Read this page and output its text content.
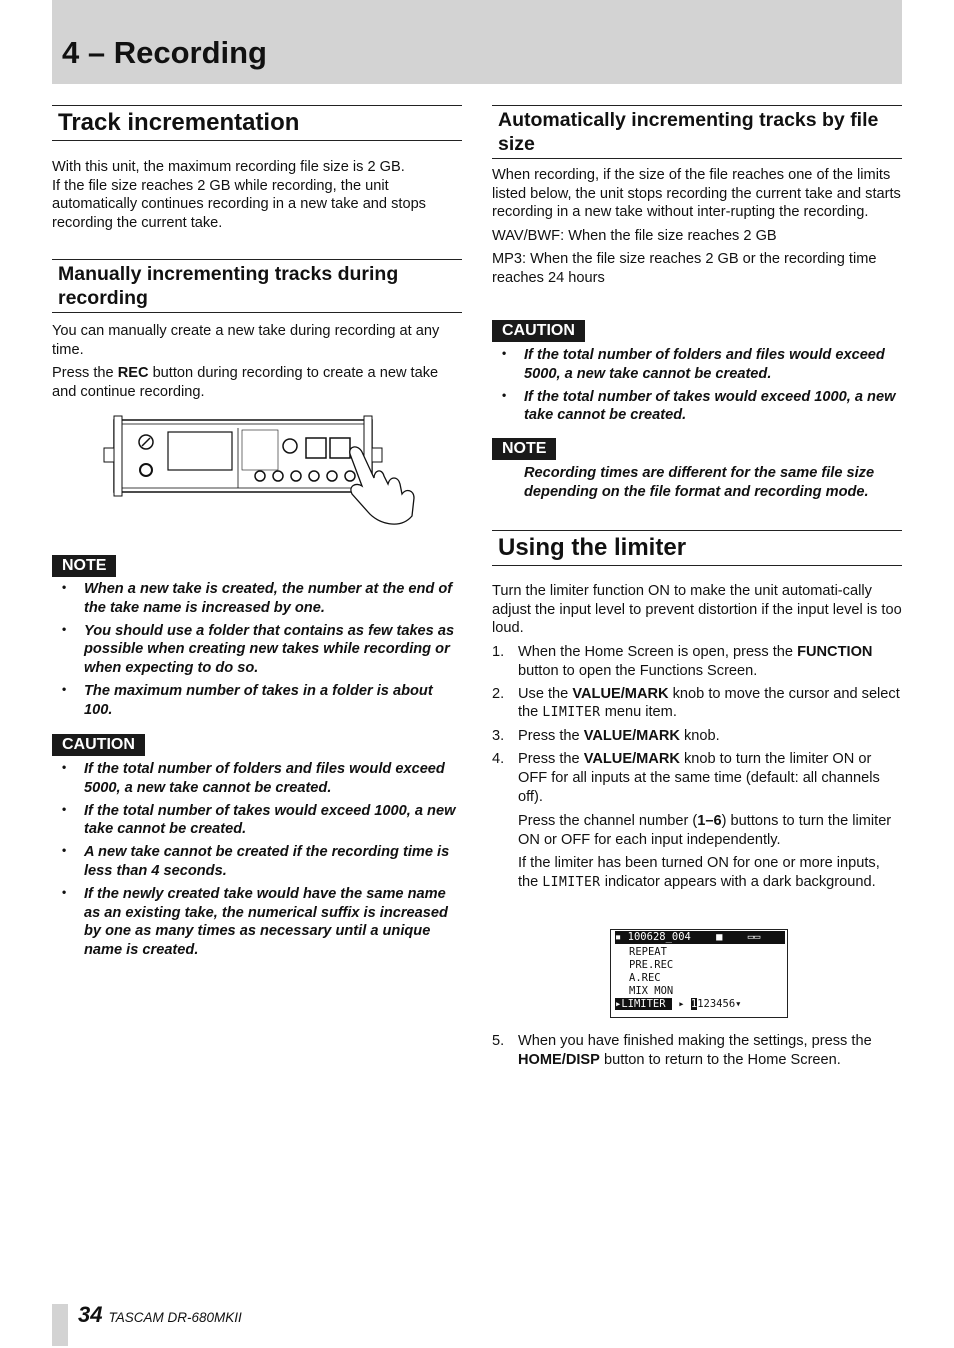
4 – Recording
Track incrementation

With this unit, the maximum recording file size is 2 GB.

If the file size reaches 2 GB while recording, the unit automatically continues recording in a new take and stops recording the current take.

Manually incrementing tracks during recording

You can manually create a new take during recording at any time.

Press the REC button during recording to create a new take and continue recording.

NOTE
• When a new take is created, the number at the end of the take name is increased by one.
• You should use a folder that contains as few takes as possible when creating new takes while recording or when expecting to do so.
• The maximum number of takes in a folder is about 100.
CAUTION
• If the total number of folders and files would exceed 5000, a new take cannot be created.
• If the total number of takes would exceed 1000, a new take cannot be created.
• A new take cannot be created if the recording time is less than 4 seconds.
• If the newly created take would have the same name as an existing take, the numerical suffix is increased by one as many times as necessary until a unique name is created.
Automatically incrementing tracks by file size

When recording, if the size of the file reaches one of the limits listed below, the unit stops recording the current take and starts recording in a new take without inter-rupting the recording.

WAV/BWF: When the file size reaches 2 GB

MP3: When the file size reaches 2 GB or the recording time reaches 24 hours

CAUTION
• If the total number of folders and files would exceed 5000, a new take cannot be created.
• If the total number of takes would exceed 1000, a new take cannot be created.
NOTE
Recording times are different for the same file size depending on the file format and recording mode.
Using the limiter

Turn the limiter function ON to make the unit automati-cally adjust the input level to prevent distortion if the input level is too loud.

1. When the Home Screen is open, press the FUNCTION button to open the Functions Screen.
2. Use the VALUE/MARK knob to move the cursor and select the LIMITER menu item.
3. Press the VALUE/MARK knob.
4. Press the VALUE/MARK knob to turn the limiter ON or OFF for all inputs at the same time (default: all channels off).

Press the channel number (1–6) buttons to turn the limiter ON or OFF for each input independently.

If the limiter has been turned ON for one or more inputs, the LIMITER indicator appears with a dark background.

▪ 100628_004    ■    ▭▭
REPEAT
PRE.REC
A.REC
MIX MON
▸LIMITER  ▸ 1123456▾
5. When you have finished making the settings, press the HOME/DISP button to return to the Home Screen.
34 TASCAM DR-680MKII
